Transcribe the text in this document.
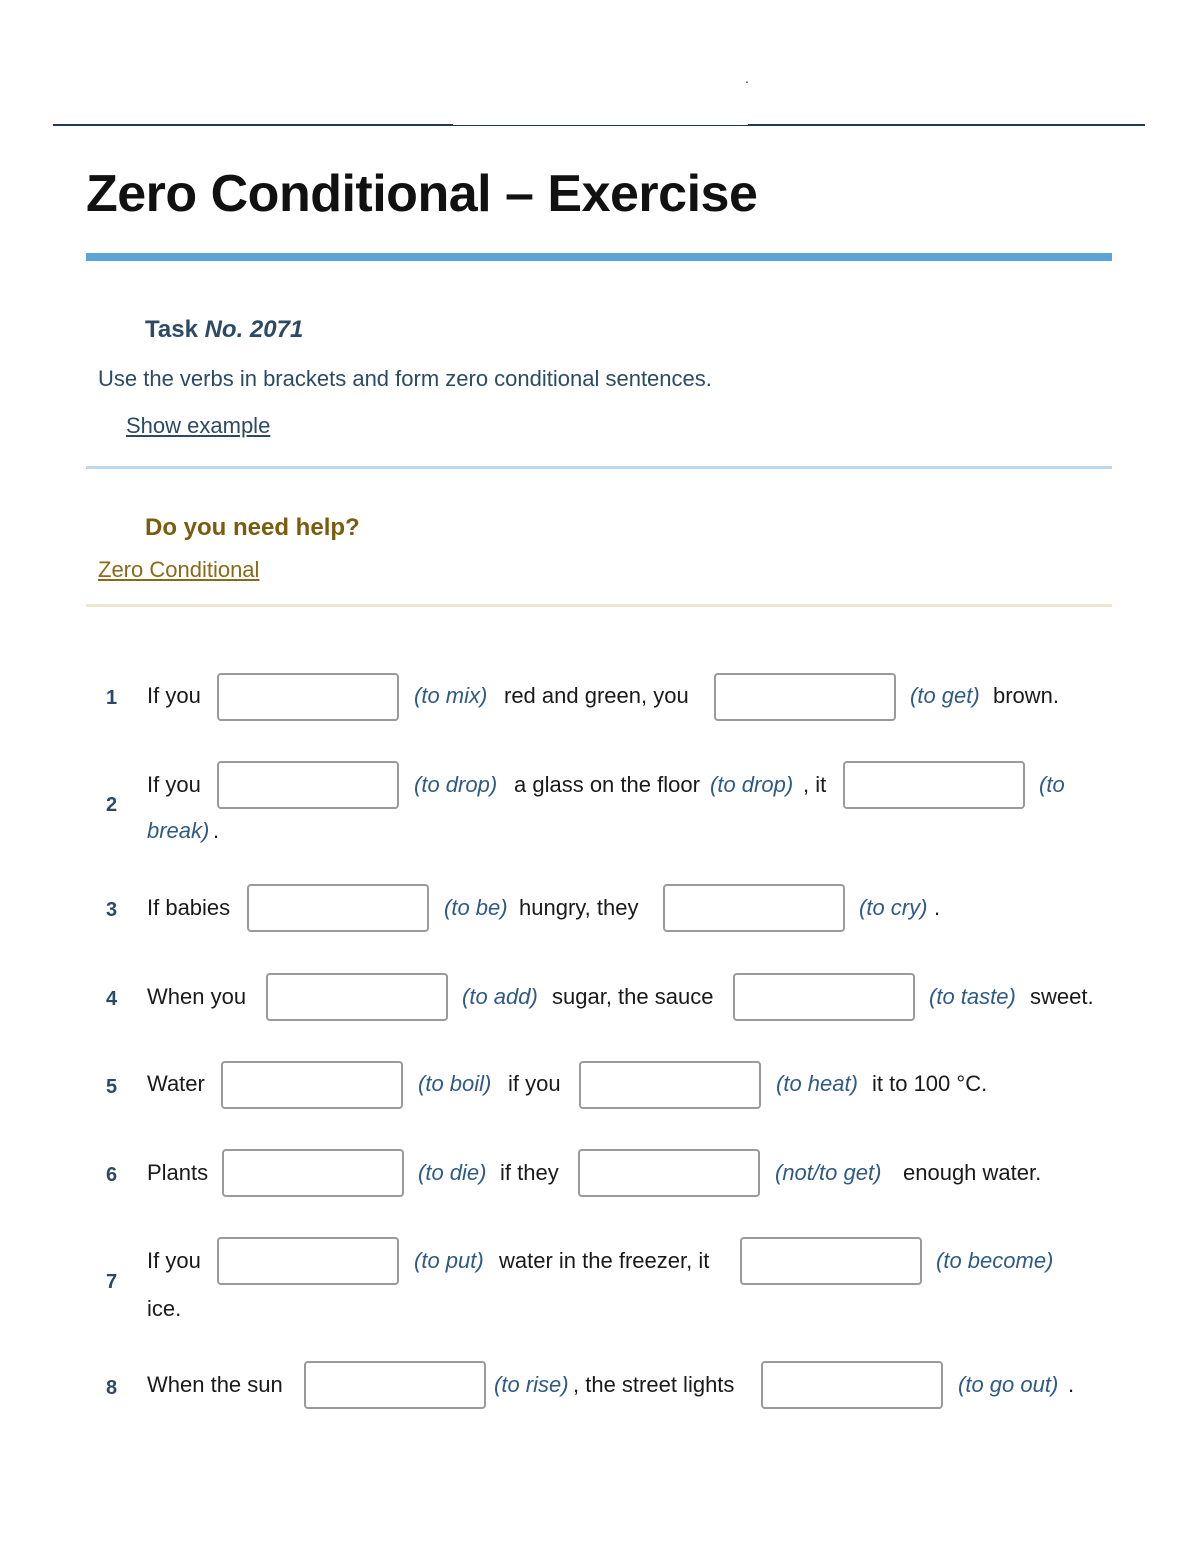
.
Zero Conditional – Exercise
Task No. 2071
Use the verbs in brackets and form zero conditional sentences.
Show example
Do you need help?
Zero Conditional
1 If you	(to mix) red and green, you	(to get) brown.
2
If you	(to drop) a glass on the floor (to drop) , it	(to
break) .
3 If babies	(to be) hungry, they	(to cry) .
4 When you	(to add) sugar, the sauce	(to taste) sweet.
5 Water	(to boil) if you	(to heat) it to 100 °C.
6 Plants	(to die) if they	(not/to get) enough water.
7
If you	(to put) water in the freezer, it	(to become)
ice.
8 When the sun	(to rise) , the street lights	(to go out) .
